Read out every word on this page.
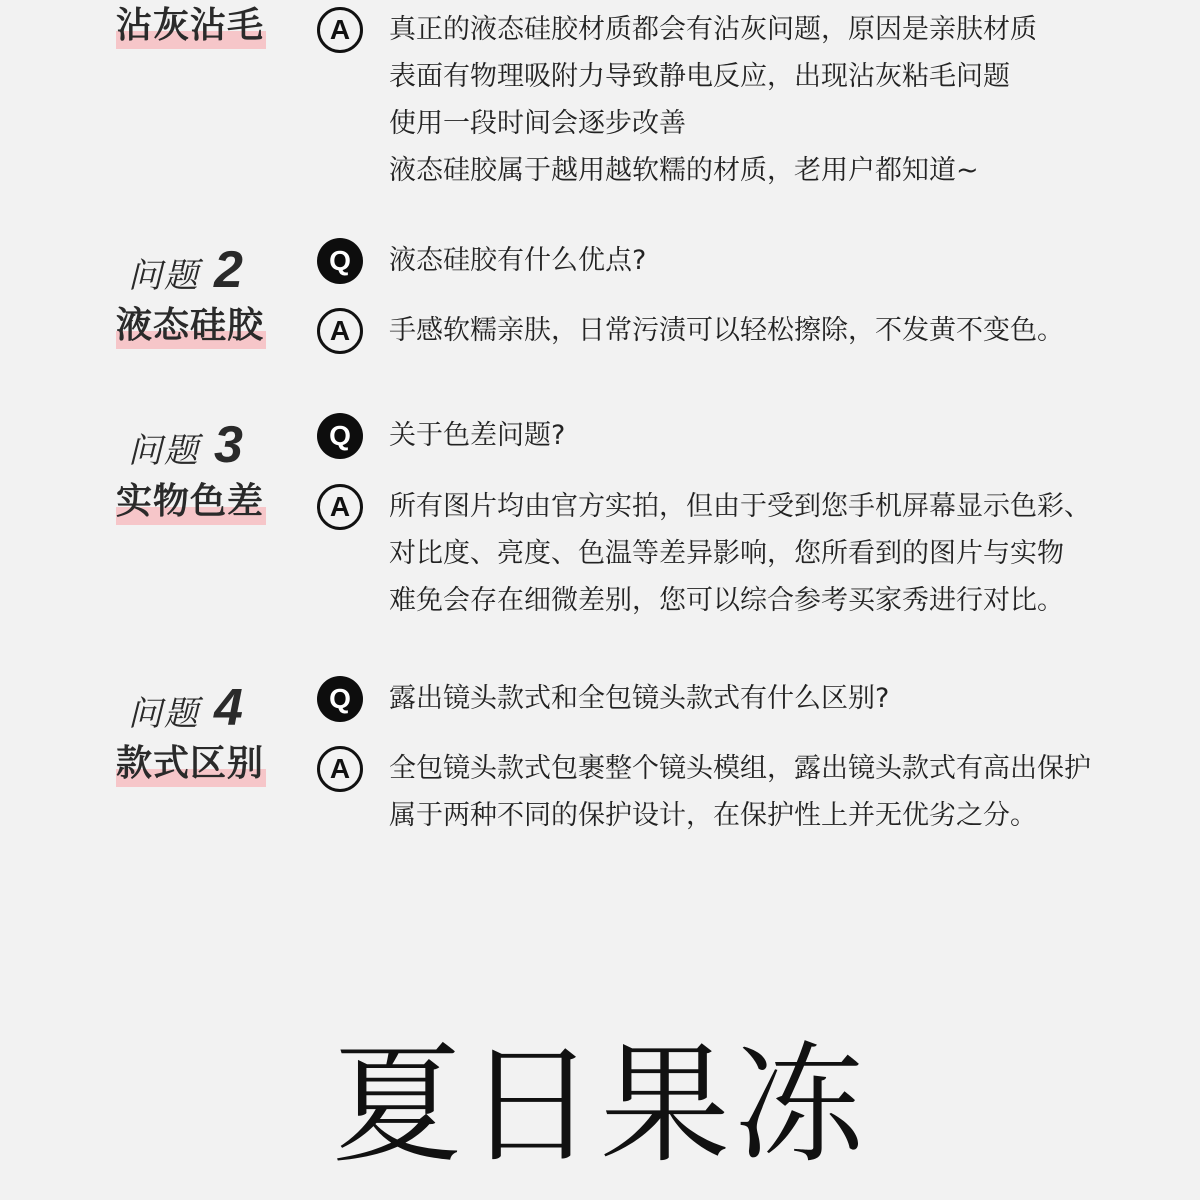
沾灰沾毛	A	真正的液态硅胶材质都会有沾灰问题，原因是亲肤材质
表面有物理吸附力导致静电反应，出现沾灰粘毛问题
使用一段时间会逐步改善
液态硅胶属于越用越软糯的材质，老用户都知道~
问题 2
液态硅胶
Q	液态硅胶有什么优点?
A	手感软糯亲肤，日常污渍可以轻松擦除，不发黄不变色。
问题 3
实物色差
Q	关于色差问题?
A	所有图片均由官方实拍，但由于受到您手机屏幕显示色彩、
对比度、亮度、色温等差异影响，您所看到的图片与实物
难免会存在细微差别，您可以综合参考买家秀进行对比。
问题 4
款式区别
Q	露出镜头款式和全包镜头款式有什么区别?
A	全包镜头款式包裹整个镜头模组，露出镜头款式有高出保护
属于两种不同的保护设计，在保护性上并无优劣之分。
夏日果冻
